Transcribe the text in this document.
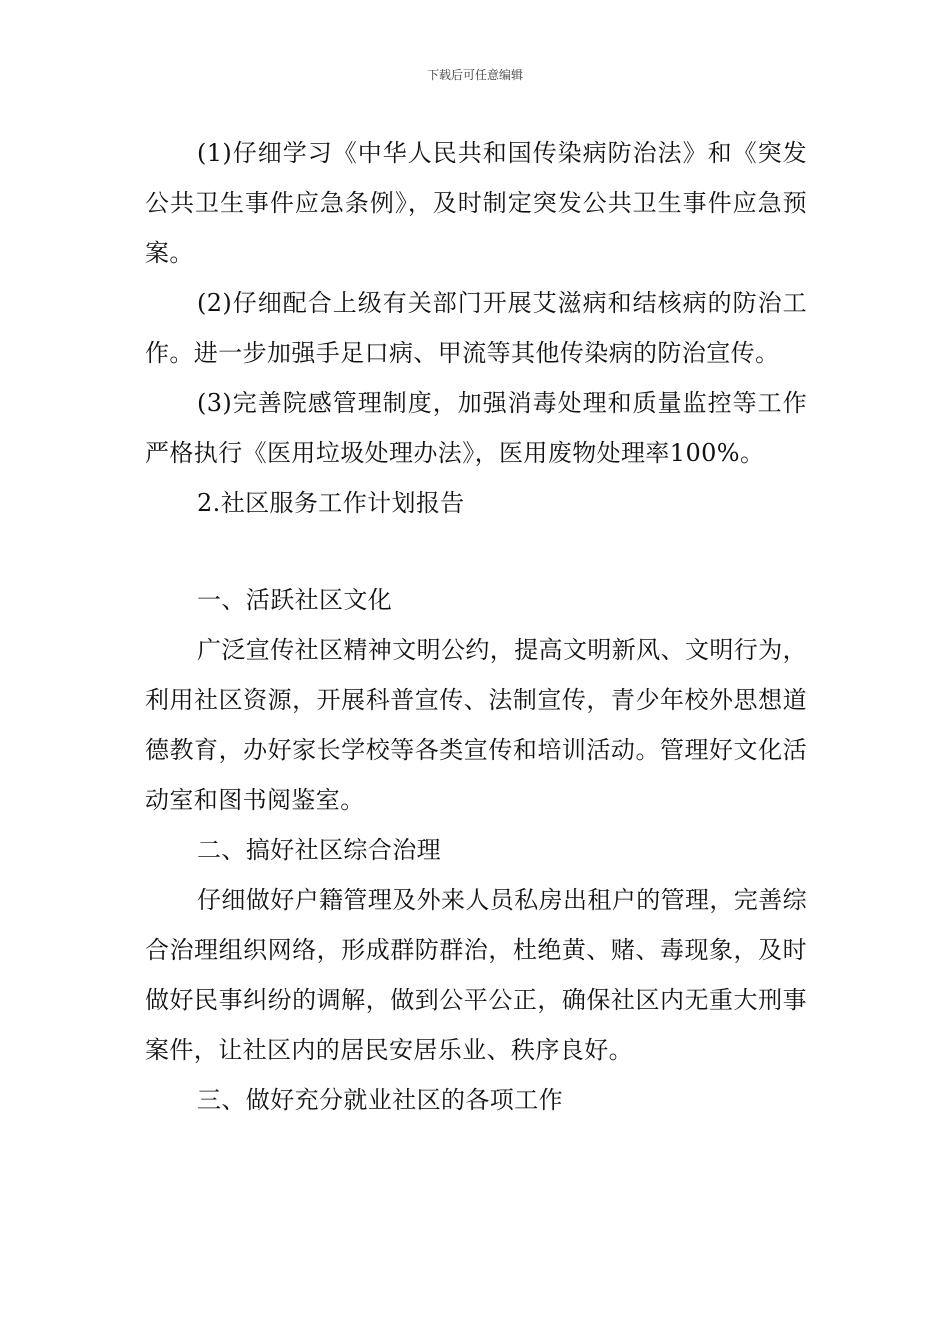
下载后可任意编辑

(1)仔细学习《中华人民共和国传染病防治法》和《突发公共卫生事件应急条例》，及时制定突发公共卫生事件应急预案。

(2)仔细配合上级有关部门开展艾滋病和结核病的防治工作。进一步加强手足口病、甲流等其他传染病的防治宣传。

(3)完善院感管理制度，加强消毒处理和质量监控等工作严格执行《医用垃圾处理办法》，医用废物处理率100%。

2.社区服务工作计划报告

一、活跃社区文化

广泛宣传社区精神文明公约，提高文明新风、文明行为，利用社区资源，开展科普宣传、法制宣传，青少年校外思想道德教育，办好家长学校等各类宣传和培训活动。管理好文化活动室和图书阅鉴室。

二、搞好社区综合治理

仔细做好户籍管理及外来人员私房出租户的管理，完善综合治理组织网络，形成群防群治，杜绝黄、赌、毒现象，及时做好民事纠纷的调解，做到公平公正，确保社区内无重大刑事案件，让社区内的居民安居乐业、秩序良好。

三、做好充分就业社区的各项工作
